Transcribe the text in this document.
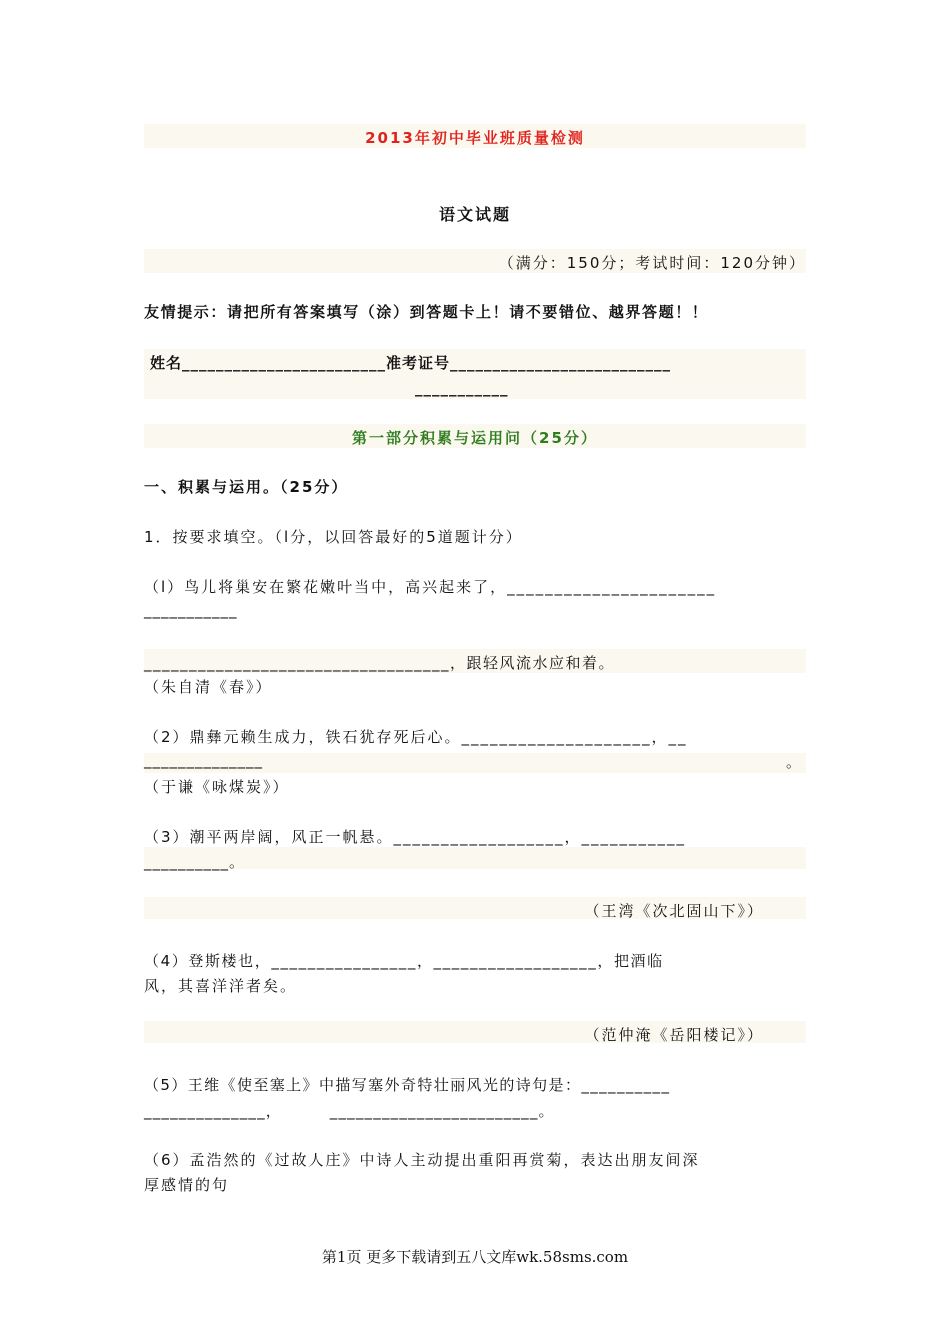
2013年初中毕业班质量检测
语文试题
（满分：150分；考试时间：120分钟）
友情提示：请把所有答案填写（涂）到答题卡上！请不要错位、越界答题！！
姓名________________________准考证号__________________________
___________
第一部分积累与运用问（25分）
一、积累与运用。（25分）
1．按要求填空。（l分，以回答最好的5道题计分）
（l）鸟儿将巢安在繁花嫩叶当中，高兴起来了，______________________
___________
__________________________________，跟轻风流水应和着。
（朱自清《春》）
（2）鼎彝元赖生成力，铁石犹存死后心。____________________，__
______________	。
（于谦《咏煤炭》）
（3）潮平两岸阔，风正一帆悬。__________________，___________
__________。
（王湾《次北固山下》）
（4）登斯楼也，________________，__________________，把酒临
风，其喜洋洋者矣。
（范仲淹《岳阳楼记》）
（5）王维《使至塞上》中描写塞外奇特壮丽风光的诗句是：__________
______________，        ________________________。
（6）孟浩然的《过故人庄》中诗人主动提出重阳再赏菊，表达出朋友间深
厚感情的句
第1页 更多下载请到五八文库wk.58sms.com
